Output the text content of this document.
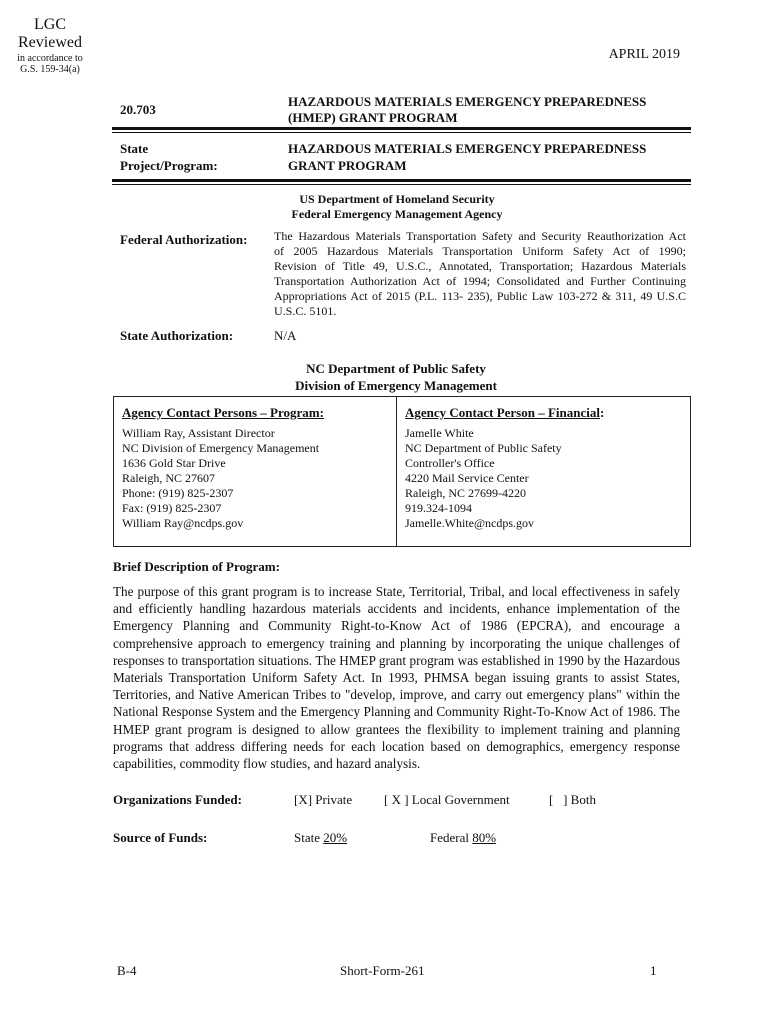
LGC
Reviewed
in accordance to
G.S. 159-34(a)
APRIL 2019
20.703
HAZARDOUS MATERIALS EMERGENCY PREPAREDNESS
(HMEP) GRANT PROGRAM
State
Project/Program:
HAZARDOUS MATERIALS EMERGENCY PREPAREDNESS
GRANT PROGRAM
US Department of Homeland Security
Federal Emergency Management Agency
Federal Authorization: The Hazardous Materials Transportation Safety and Security Reauthorization Act
of 2005 Hazardous Materials Transportation Uniform Safety Act of 1990;
Revision of Title 49, U.S.C., Annotated, Transportation; Hazardous Materials
Transportation Authorization Act of 1994; Consolidated and Further Continuing
Appropriations Act of 2015 (P.L. 113- 235), Public Law 103-272 & 311, 49 U.S.C
U.S.C. 5101.
State Authorization:	N/A
NC Department of Public Safety
Division of Emergency Management
Agency Contact Persons – Program:
William Ray, Assistant Director
NC Division of Emergency Management
1636 Gold Star Drive
Raleigh, NC 27607
Phone: (919) 825-2307
Fax: (919) 825-2307
William Ray@ncdps.gov
Agency Contact Person – Financial:
Jamelle White
NC Department of Public Safety
Controller's Office
4220 Mail Service Center
Raleigh, NC 27699-4220
919.324-1094
Jamelle.White@ncdps.gov
Brief Description of Program:
The purpose of this grant program is to increase State, Territorial, Tribal, and local effectiveness in safely and efficiently handling hazardous materials accidents and incidents, enhance implementation of the Emergency Planning and Community Right-to-Know Act of 1986 (EPCRA), and encourage a comprehensive approach to emergency training and planning by incorporating the unique challenges of responses to transportation situations. The HMEP grant program was established in 1990 by the Hazardous Materials Transportation Uniform Safety Act. In 1993, PHMSA began issuing grants to assist States, Territories, and Native American Tribes to "develop, improve, and carry out emergency plans" within the National Response System and the Emergency Planning and Community Right-To-Know Act of 1986. The HMEP grant program is designed to allow grantees the flexibility to implement training and planning programs that address differing needs for each location based on demographics, emergency response capabilities, commodity flow studies, and hazard analysis.
Organizations Funded:	[X] Private [ X ] Local Government	[   ] Both
Source of Funds:	State 20%	Federal 80%
B-4	Short-Form-261	1
